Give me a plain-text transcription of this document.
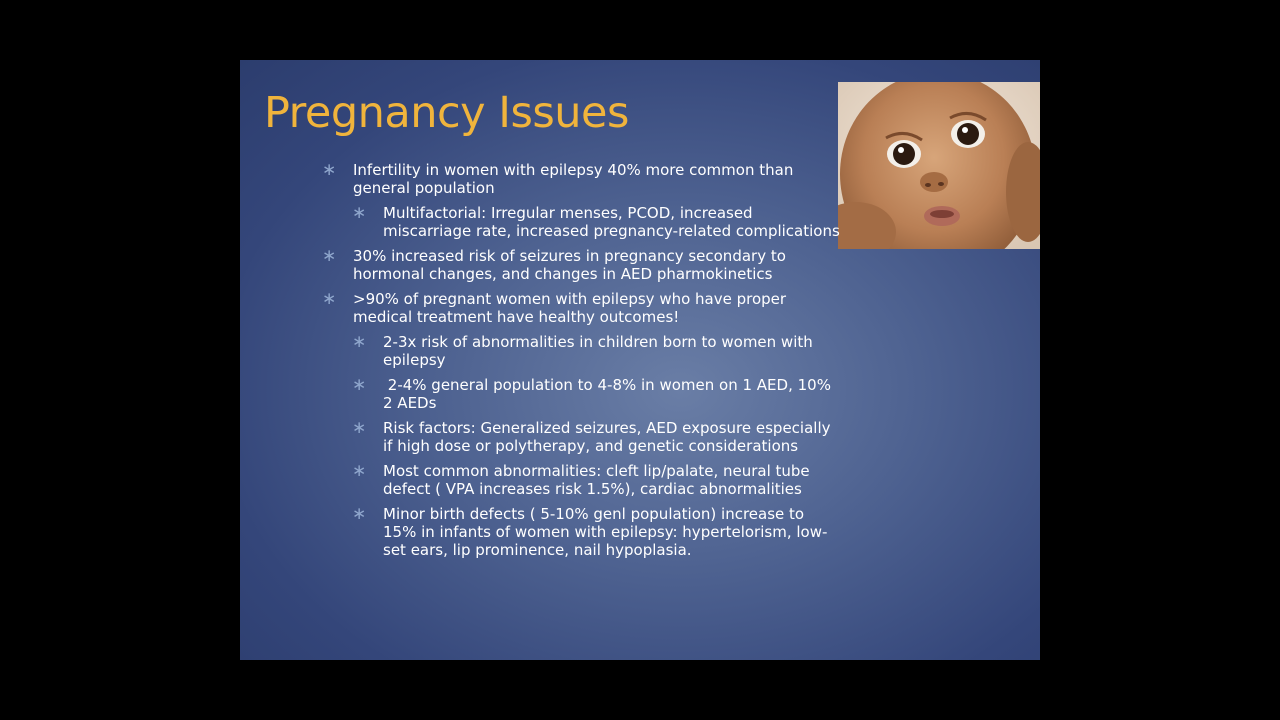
Pregnancy Issues
∗ Infertility in women with epilepsy 40% more common than general population
∗ Multifactorial: Irregular menses, PCOD, increased miscarriage rate, increased pregnancy-related complications
∗ 30% increased risk of seizures in pregnancy secondary to hormonal changes, and changes in AED pharmokinetics
∗ >90% of pregnant women with epilepsy who have proper medical treatment have healthy outcomes!
∗ 2-3x risk of abnormalities in children born to women with epilepsy
∗ 2-4% general population to 4-8% in women on 1 AED, 10% 2 AEDs
∗ Risk factors: Generalized seizures, AED exposure especially if high dose or polytherapy, and genetic considerations
∗ Most common abnormalities: cleft lip/palate, neural tube defect ( VPA increases risk 1.5%), cardiac abnormalities
∗ Minor birth defects ( 5-10% genl population) increase to 15% in infants of women with epilepsy: hypertelorism, low-set ears, lip prominence, nail hypoplasia.
